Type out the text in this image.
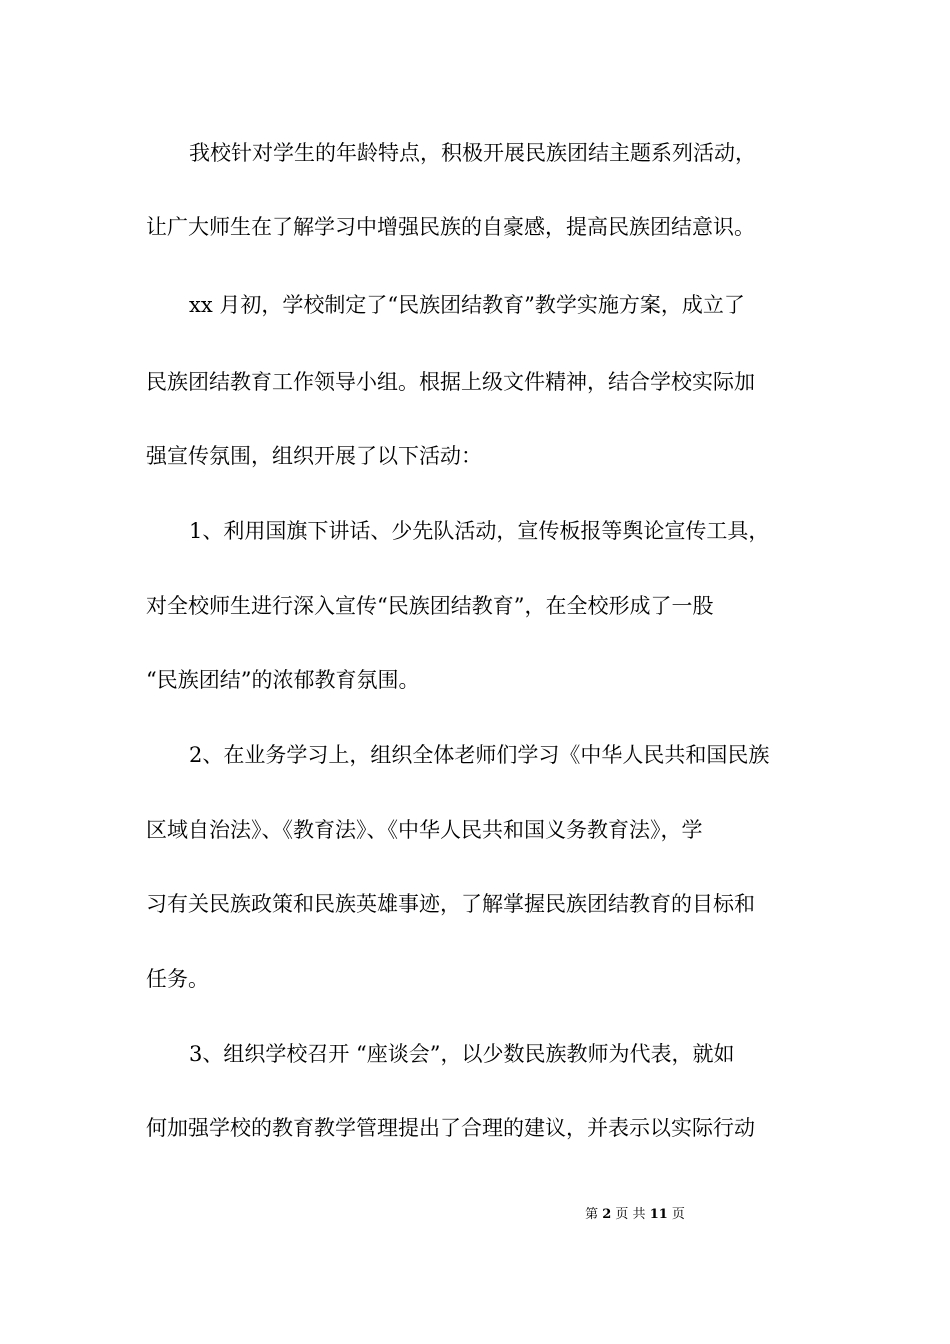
我校针对学生的年龄特点，积极开展民族团结主题系列活动，
让广大师生在了解学习中增强民族的自豪感，提高民族团结意识。
xx 月初，学校制定了“民族团结教育”教学实施方案，成立了
民族团结教育工作领导小组。根据上级文件精神，结合学校实际加
强宣传氛围，组织开展了以下活动：
1、利用国旗下讲话、少先队活动，宣传板报等舆论宣传工具，
对全校师生进行深入宣传“民族团结教育”，在全校形成了一股
“民族团结”的浓郁教育氛围。
2、在业务学习上，组织全体老师们学习《中华人民共和国民族
区域自治法》、《教育法》、《中华人民共和国义务教育法》，学
习有关民族政策和民族英雄事迹，了解掌握民族团结教育的目标和
任务。
3、组织学校召开 “座谈会”，以少数民族教师为代表，就如
何加强学校的教育教学管理提出了合理的建议，并表示以实际行动
第 2 页 共 11 页
